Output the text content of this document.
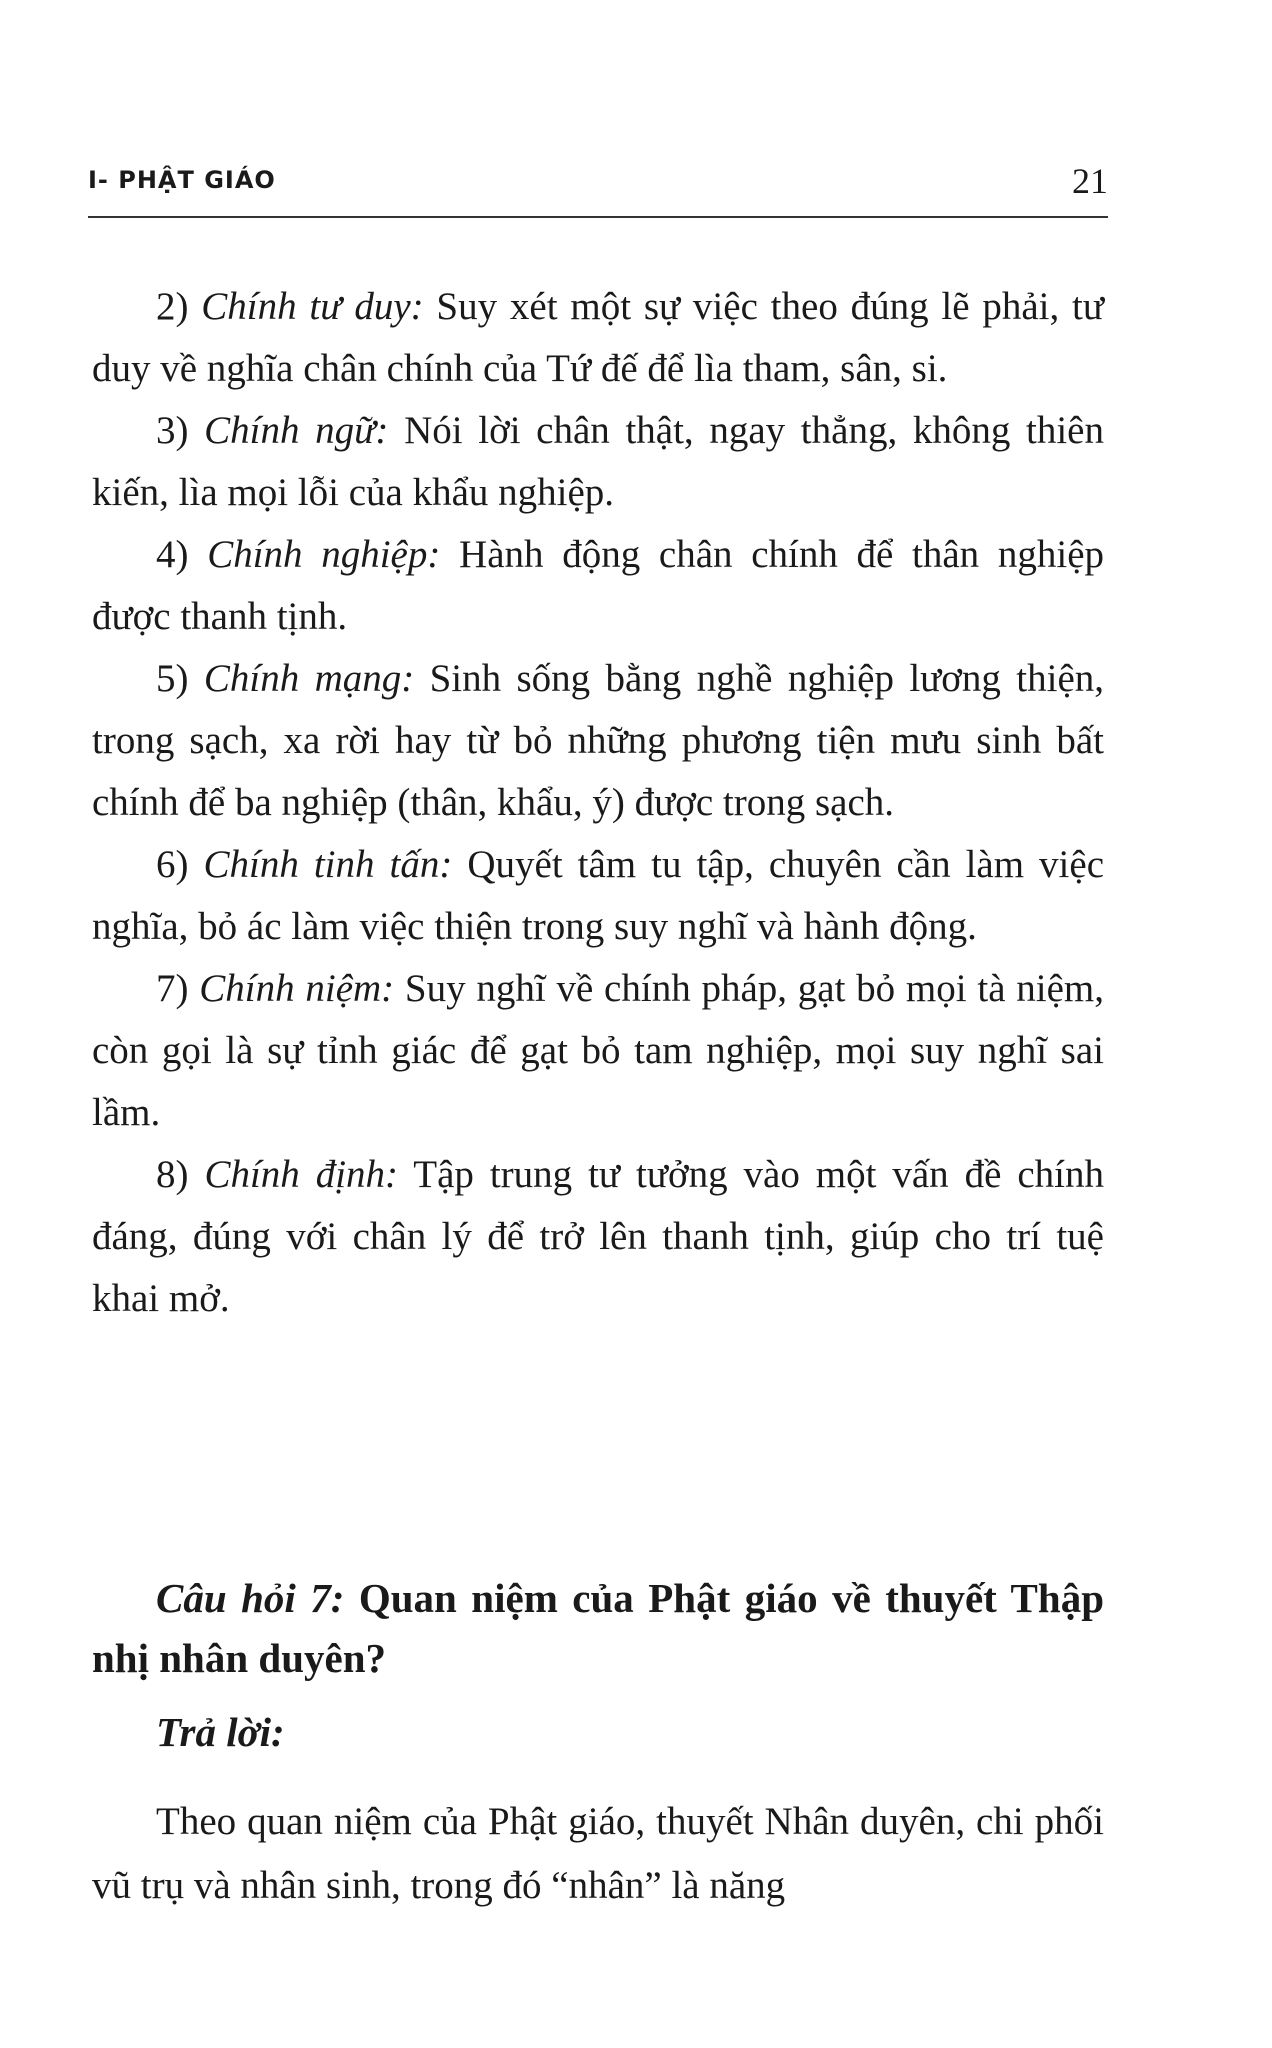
I- PHẬT GIÁO	21

2) Chính tư duy: Suy xét một sự việc theo đúng lẽ phải, tư duy về nghĩa chân chính của Tứ đế để lìa tham, sân, si.

3) Chính ngữ: Nói lời chân thật, ngay thẳng, không thiên kiến, lìa mọi lỗi của khẩu nghiệp.

4) Chính nghiệp: Hành động chân chính để thân nghiệp được thanh tịnh.

5) Chính mạng: Sinh sống bằng nghề nghiệp lương thiện, trong sạch, xa rời hay từ bỏ những phương tiện mưu sinh bất chính để ba nghiệp (thân, khẩu, ý) được trong sạch.

6) Chính tinh tấn: Quyết tâm tu tập, chuyên cần làm việc nghĩa, bỏ ác làm việc thiện trong suy nghĩ và hành động.

7) Chính niệm: Suy nghĩ về chính pháp, gạt bỏ mọi tà niệm, còn gọi là sự tỉnh giác để gạt bỏ tam nghiệp, mọi suy nghĩ sai lầm.

8) Chính định: Tập trung tư tưởng vào một vấn đề chính đáng, đúng với chân lý để trở lên thanh tịnh, giúp cho trí tuệ khai mở.

Câu hỏi 7: Quan niệm của Phật giáo về thuyết Thập nhị nhân duyên?

Trả lời:

Theo quan niệm của Phật giáo, thuyết Nhân duyên, chi phối vũ trụ và nhân sinh, trong đó “nhân” là năng
